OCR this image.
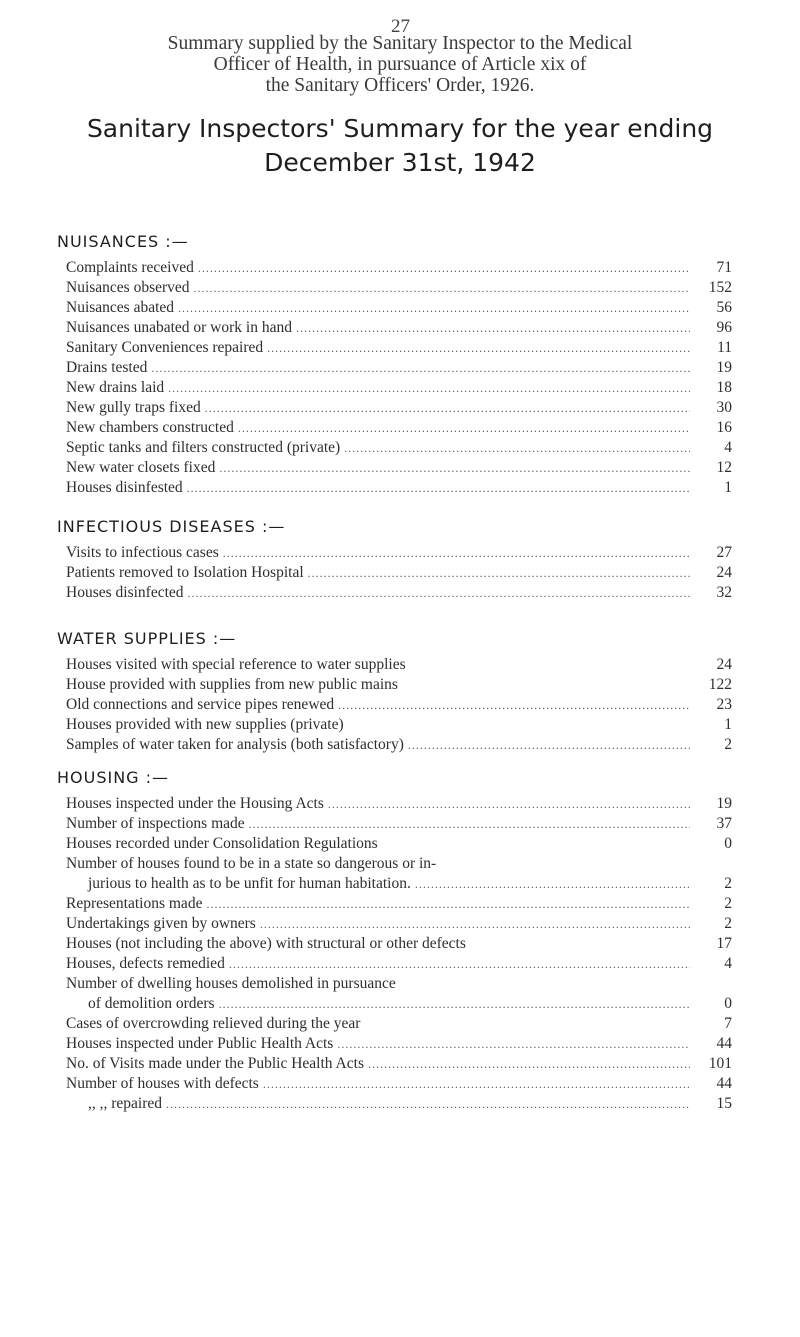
27
Summary supplied by the Sanitary Inspector to the Medical
Officer of Health, in pursuance of Article xix of
the Sanitary Officers' Order, 1926.
Sanitary Inspectors' Summary for the year ending
December 31st, 1942
NUISANCES :—
Complaints received .....	71
Nuisances observed .....	152
Nuisances abated .....	56
Nuisances unabated or work in hand .....	96
Sanitary Conveniences repaired .....	11
Drains tested .....	19
New drains laid .....	18
New gully traps fixed .....	30
New chambers constructed .....	16
Septic tanks and filters constructed (private) .....	4
New water closets fixed .....	12
Houses disinfested .....	1
INFECTIOUS DISEASES :—
Visits to infectious cases .....	27
Patients removed to Isolation Hospital .....	24
Houses disinfected .....	32
WATER SUPPLIES :—
Houses visited with special reference to water supplies	24
House provided with supplies from new public mains	122
Old connections and service pipes renewed .....	23
Houses provided with new supplies (private)	1
Samples of water taken for analysis (both satisfactory) .....	2
HOUSING :—
Houses inspected under the Housing Acts .....	19
Number of inspections made .....	37
Houses recorded under Consolidation Regulations	0
Number of houses found to be in a state so dangerous or in-
jurious to health as to be unfit for human habitation. .....	2
Representations made .....	2
Undertakings given by owners .....	2
Houses (not including the above) with structural or other defects	17
Houses, defects remedied .....	4
Number of dwelling houses demolished in pursuance
of demolition orders .....	0
Cases of overcrowding relieved during the year	7
Houses inspected under Public Health Acts .....	44
No. of Visits made under the Public Health Acts .....	101
Number of houses with defects .....	44
,, ,, repaired .....	15
